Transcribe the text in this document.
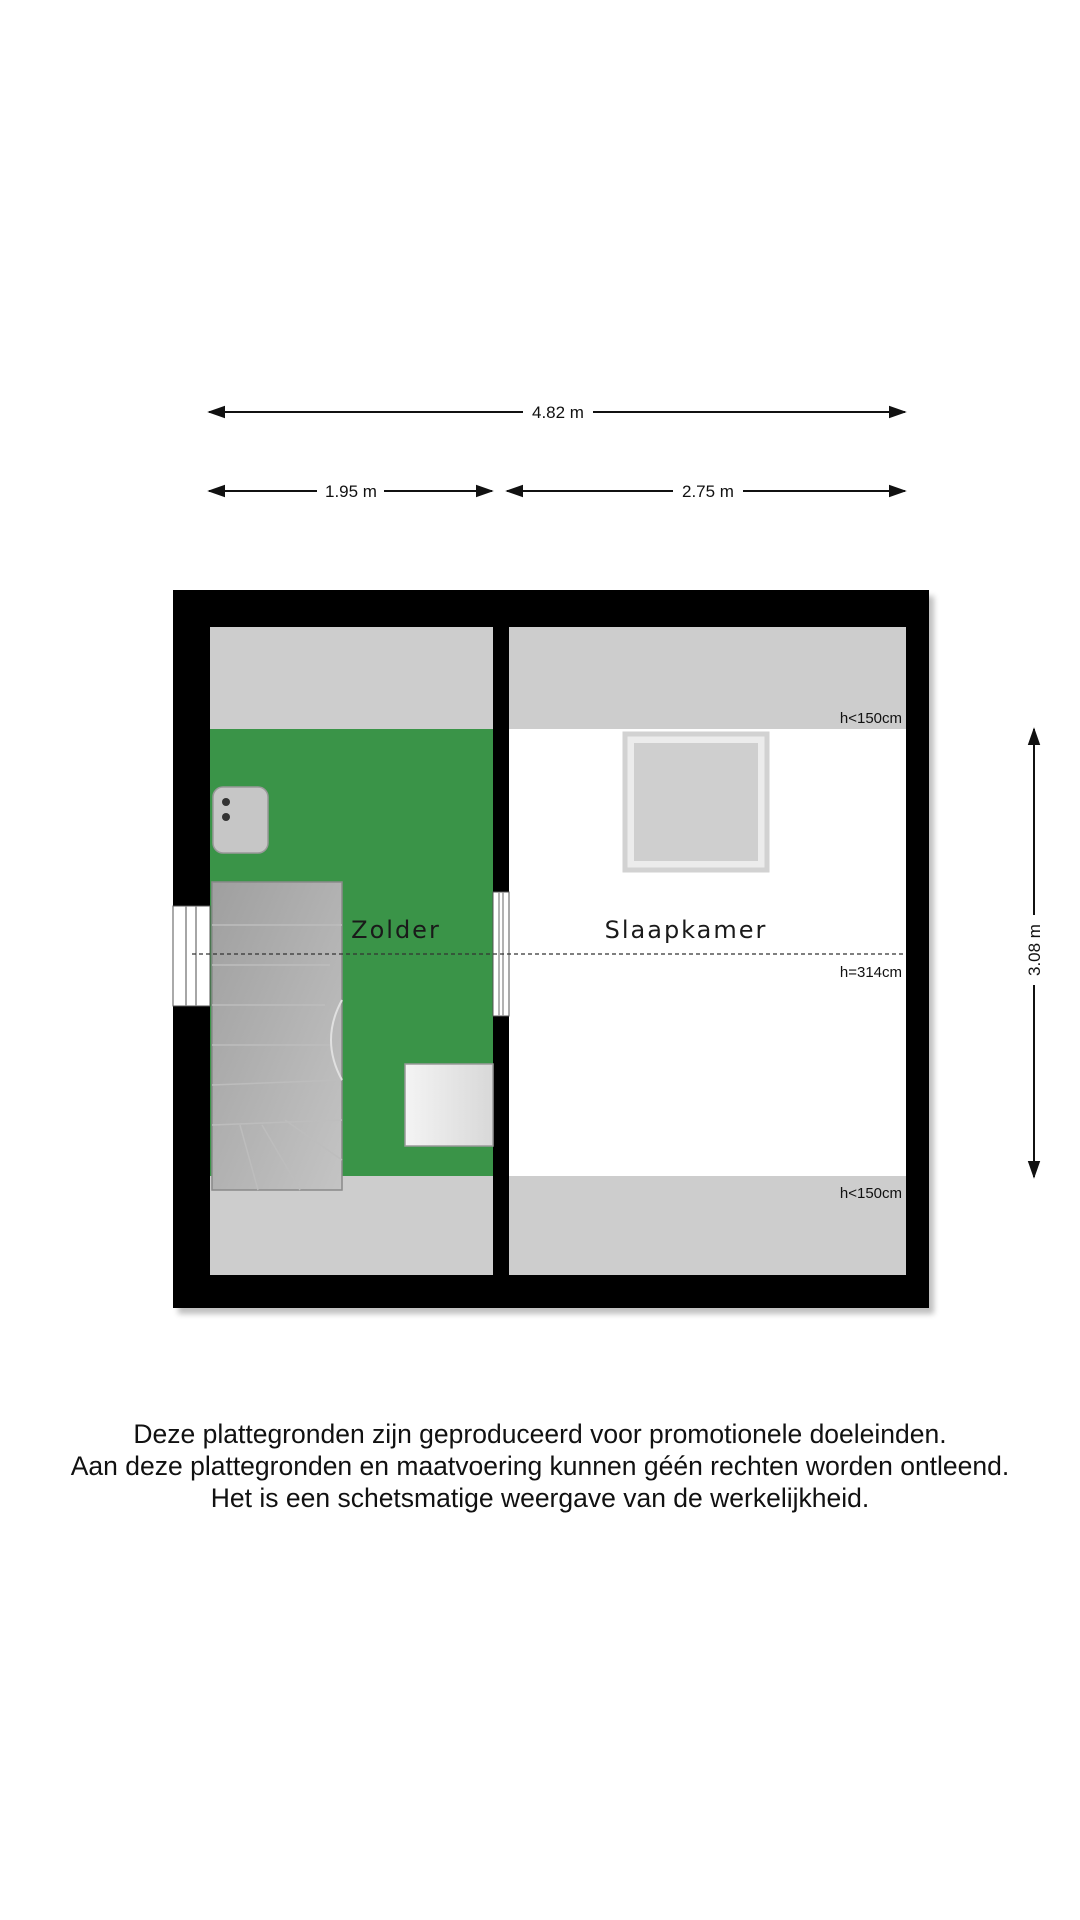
4.82 m
1.95 m	2.75 m
3.08 m
Zolder	Slaapkamer
h<150cm
h=314cm
h<150cm
Deze plattegronden zijn geproduceerd voor promotionele doeleinden.
Aan deze plattegronden en maatvoering kunnen géén rechten worden ontleend.
Het is een schetsmatige weergave van de werkelijkheid.
